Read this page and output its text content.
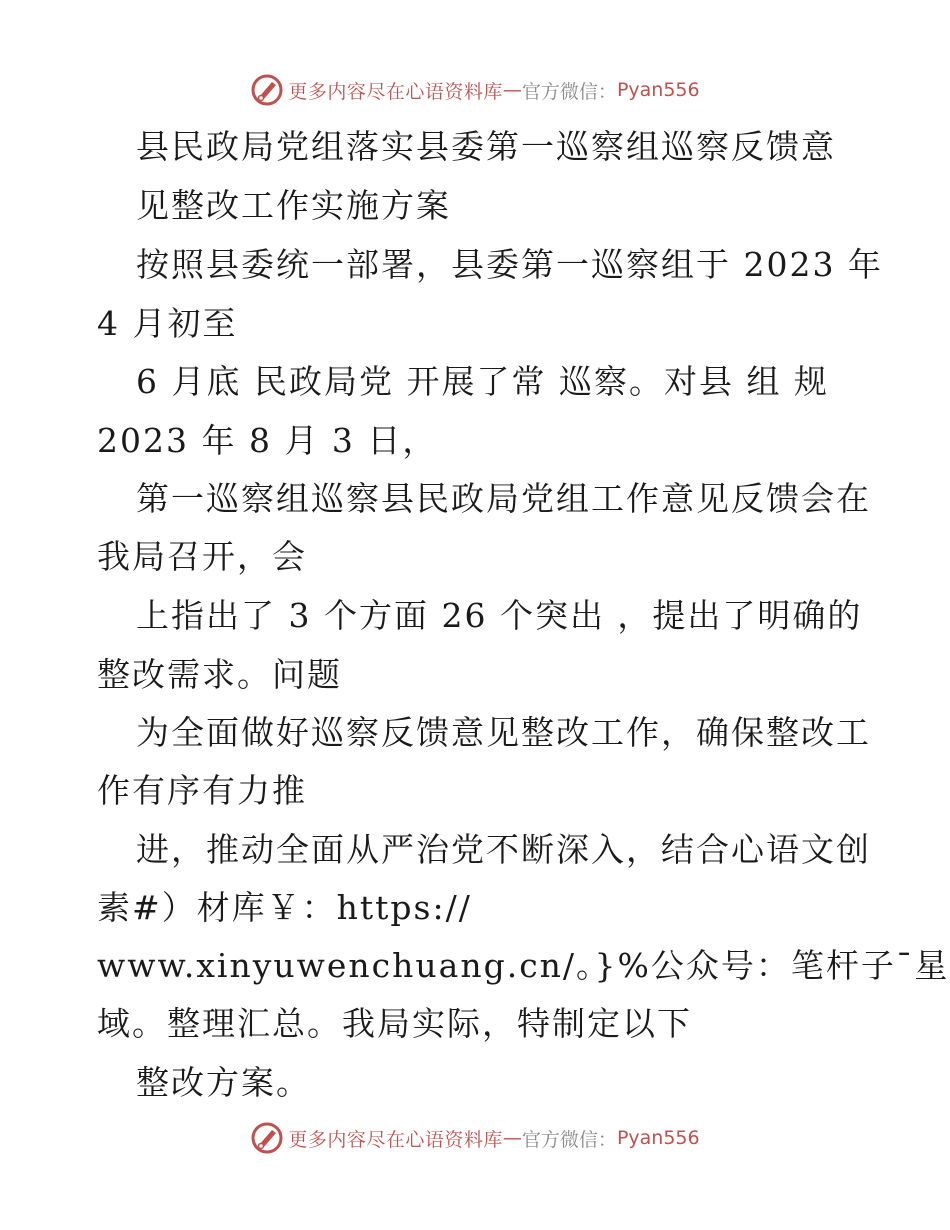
更多内容尽在心语资料库 — 官方微信： Pyan556
县民政局党组落实县委第一巡察组巡察反馈意
见整改工作实施方案
按照县委统一部署，县委第一巡察组于 2023 年
4 月初至
6 月底 民政局党 开展了常 巡察。对县 组 规
2023 年 8 月 3 日，
第一巡察组巡察县民政局党组工作意见反馈会在
我局召开，会
上指出了 3 个方面 26 个突出 ，提出了明确的
整改需求。问题
为全面做好巡察反馈意见整改工作，确保整改工
作有序有力推
进，推动全面从严治党不断深入，结合心语文创
素#）材库￥：https://
www.xinyuwenchuang.cn/。}%公众号：笔杆子¯星
域。整理汇总。我局实际，特制定以下
整改方案。
更多内容尽在心语资料库 — 官方微信： Pyan556
